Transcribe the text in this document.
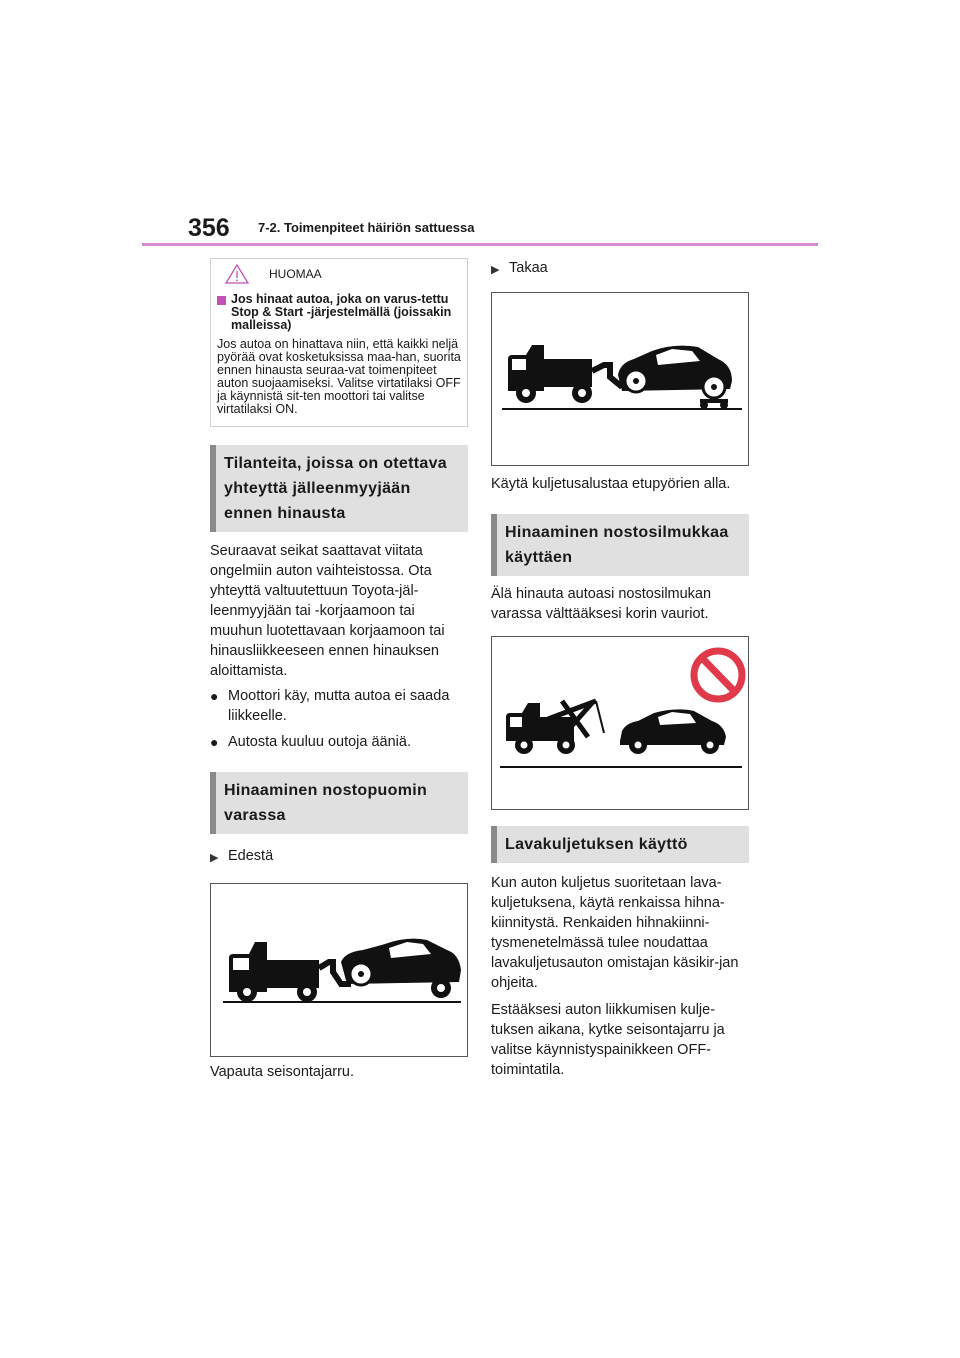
356 7-2. Toimenpiteet häiriön sattuessa
HUOMAA
Jos hinaat autoa, joka on varus-tettu Stop & Start -järjestelmällä (joissakin malleissa)
Jos autoa on hinattava niin, että kaikki neljä pyörää ovat kosketuksissa maa-han, suorita ennen hinausta seuraa-vat toimenpiteet auton suojaamiseksi. Valitse virtatilaksi OFF ja käynnistä sit-ten moottori tai valitse virtatilaksi ON.
Tilanteita, joissa on otettava yhteyttä jälleenmyyjään ennen hinausta
Seuraavat seikat saattavat viitata ongelmiin auton vaihteistossa. Ota yhteyttä valtuutettuun Toyota-jäl-leenmyyjään tai -korjaamoon tai muuhun luotettavaan korjaamoon tai hinausliikkeeseen ennen hinauksen aloittamista.
● Moottori käy, mutta autoa ei saada liikkeelle.
● Autosta kuuluu outoja ääniä.
Hinaaminen nostopuomin varassa
▶ Edestä
Vapauta seisontajarru.
▶ Takaa
Käytä kuljetusalustaa etupyörien alla.
Hinaaminen nostosilmukkaa käyttäen
Älä hinauta autoasi nostosilmukan varassa välttääksesi korin vauriot.
Lavakuljetuksen käyttö
Kun auton kuljetus suoritetaan lava-kuljetuksena, käytä renkaissa hihna-kiinnitystä. Renkaiden hihnakiinni-tysmenetelmässä tulee noudattaa lavakuljetusauton omistajan käsikir-jan ohjeita.
Estääksesi auton liikkumisen kulje-tuksen aikana, kytke seisontajarru ja valitse käynnistyspainikkeen OFF-toimintatila.
